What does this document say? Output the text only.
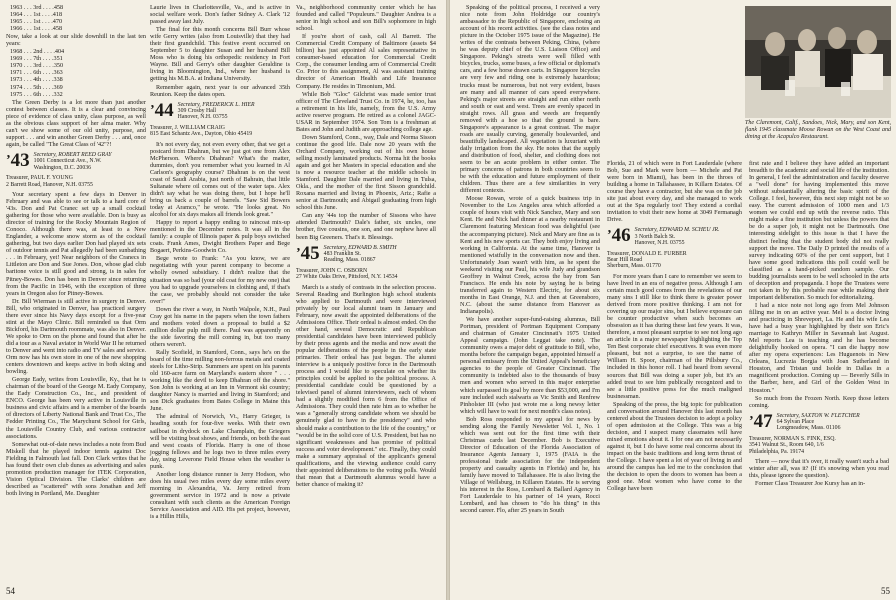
1963 . . . 3rd . . . .458
1964 . . . 1st . . . .418
1965 . . . 1st . . . .470
1966 . . . 1st . . . .458

Now, take a look at our slide downhill in the last ten years:

1968 . . . 2nd . . . .404
1969 . . . 7th . . . .351
1970 . . . 3rd . . . .350
1971 . . . 6th . . . .363
1973 . . . 4th . . . .338
1974 . . . 5th . . . .369
1975 . . . 6th . . . .332

The Green Derby is a lot more than just another contest between classes. It is a clear and convincing piece of evidence of class unity, class purpose, as well as the obvious class support of her alma mater. Why can't we show some of our old unity, purpose, and support . . . and win another Green Derby . . . and, once again, be called "The Great Class of '42"?!

’43 Secretary, ROBERT REED GRAY
1001 Connecticut Ave., N.W.
Washington, D.C. 20036
Treasurer, PAUL F. YOUNG
2 Barrett Road, Hanover, N.H. 03755

Your secretary spent a few days in Denver in February and was able to see or talk to a hard core of '43s. Don and Pat Cranec set up a small cocktail gathering for those who were available. Don is busy as director of training for the Rocky Mountain Region of Conoco. Although there was, at least to a New Englander, a welcome snow storm as of the cocktail gathering, but two days earlier Don had played six sets of outdoor tennis and Pat allegedly had been sunbathing . . . in February, yet! Near neighbors of the Cranecs in Littleton are Don and Sue Jones. Don, whose glad club baritone voice is still good and strong, is in sales for Pitney-Bowes. Don has been in Denver since returning from the Pacific in 1946, with the exception of three years in Oregon also for Pitney-Bowes.

Dr. Bill Wierman is still active in surgery in Denver. Bill, who originated in Denver, has practiced surgery there ever since his Navy days except for a five-year stint at the Mayo Clinic. Bill reminded us that Orm Bickford, his Dartmouth roommate, was also in Denver. We spoke to Orm on the phone and found that after he did a tour as a Naval aviator in World War II he returned to Denver and went into radio and TV sales and service. Orm now has his own store in one of the new shopping centers downtown and keeps active in both skiing and bowling.

George Eady, writes from Louisville, Ky., that he is chairman of the board of the George M. Eady Company, the Eady Construction Co., Inc., and president of ENCO. George has been very active in Louisville in business and civic affairs and is a member of the boards of directors of Liberty National Bank and Trust Co., The Fedder Printing Co., The Marychurst School for Girls, the Louisville Country Club, and various contractor associations.

Somewhat out-of-date news includes a note from Bud Miskell that he played indoor tennis against Doc Fielding in Falmouth last fall. Don Clark writes that he has found their own club dunes as advertising and sales promotion production manager for ITEK Corporation, Vision Optical Division. The Clarks' children are described as "scattered" with sons Jonathan and Jeff both living in Portland, Me. Daughter

Laurie lives in Charlottesville, Va., and is active in social welfare work. Don's father Sidney A. Clark '12 passed away last July.

The final for this month concerns Bill Burr whose wife Gerry writes (also from Louisville) that they had their first grandchild. This festive event occurred on September 5 to daughter Susan and her husband Bill Moss who is doing his orthopedic residency in Fort Wayne. Bill and Gerry's other daughter Geraldine is living in Bloomington, Ind., where her husband is getting his M.B.A. at Indiana University.

Remember again, next year is our advanced 35th Reunion. Keep the dates open.

’44 Secretary, FREDERICK L. HIER
309 Crosby Hall
Hanover, N.H. 03755
Treasurer, J. WILLIAM CRAIG
815 East Schantz Ave., Dayton, Ohio 45419

It's not every day, not even every other, that we get a postcard from Dhahran, but we just got one from Alex McPherson. Where's Dhahran? What's the matter, dummies, don't you remember what you learned in Al Carlson's geography course? Dhahran is on the west coast of Saudi Arabia, just north of Bahrain, that little Sultanate where oil comes out of the water taps. Alex didn't say what he was doing there, but I hope he'll bring us back a couple of barrels. "Saw Sid Bowers today at Aramco," he wrote. "He looks great. No alcohol for six days makes all friends look great."

Happy to report a happy ending to raincoat mix-up mentioned in the December notes. It was all in the family: a couple of Illinois paper & pulp boys switched coats. Frank Ames, Dwight Brothers Paper and Bege Bogaert, Perkins-Goodwin Co.

Bege wrote to Frank: "As you know, we are negotiating with your parent company to become a wholly owned subsidiary. I didn't realize that the situation was so bad (your old coat for my new one) that you had to upgrade yourselves in clothing and, if that's the case, we probably should not consider the take over!"

Down the river a way, in North Walpole, N.H., Paul Cray got his name in the papers when the town fathers and mothers voted down a proposal to build a $2 million dollar pulp mill there. Paul was apparently on the side favoring the mill coming in, but too many others weren't.

Rally Scofield, in Stamford, Conn., says he's on the board of the time milling non-ferrous metals and coated steels for Litho-Strip. Summers are spent on his parents old 160-acre farm on Maryland's eastern shore " . . . working like the devil to keep Dhahran off the shore." Son John is working at an Inn in Vermont ski country; daughter Nancy is married and living in Stamford; and son Dick graduates from Bates College in Maine this June.

The admiral of Norwich, Vt., Harry Grieger, is heading south for four-five weeks. With their own sailboat in drydock on Lake Champlain, the Griegers will be visiting boat shows, and friends, on both the east and west coasts of Florida. Harry is one of those jogging fellows and he logs two to three miles every day, using Leverone Field House when the weather is punk.

Another long distance runner is Jerry Hodson, who does his usual two miles every day some miles every morning in Alexandria, Va. Jerry retired from government service in 1972 and is now a private consultant with such clients as the American Foreign Service Association and AID. His pet project, however, is a Hillin Hills,

Va., neighborhood community center which he has founded and called "Populeum." Daughter Andrea is a senior in high school and son Bill's sophomore in high school.

If you're short of cash, call Al Barrett. The Commercial Credit Company of Baltimore (assets $4 billion) has just appointed Al sales representative in consumer-based education for Commercial Credit Corp., the consumer lending arm of Commercial Credit Co. Prior to this assignment, Al was assistant training director of American Health and Life Insurance Company. He resides in Timonium, Md.

While Bob "Gloc" Gilchrist was made senior trust officer of The Cleveland Trust Co. in 1974, he, too, has a retirement in his life, namely, from the U.S. Army active reserve program. He retired as a colonel JAGC-USAR in September 1974. Son Tom is a freshman at Bates and John and Judith are approaching college age.

Down Stamford, Conn., way, Dale and Norma Sisson continue the good life. Dale now 20 years with the Orchard Company, working out of his own house selling mostly laminated products. Norma hit the books again and got her Masters in special education and she is now a resource teacher at the middle schools in Stamford. Daughter Dale married and living in Tulsa, Okla., and the mother of the first Sisson grandchild. Roxana married and living in Phoenix, Ariz.; Rafie a senior at Dartmouth; and Abigail graduating from high school this June.

Can any '44s top the number of Sissons who have attended Dartmouth? Dale's father, six uncles, one brother, five cousins, one son, and one nephew have all been Big Greeners. That's it. Blessings.

’45 Secretary, EDWARD B. SMITH
483 Franklin St.
Reading, Mass. 01867
Treasurer, JOHN C. OSBORN
27 White Oaks Drive, Pittsford, N.Y. 14534

March is a study of contrasts in the selection process. Several Reading and Burlington high school students who applied to Dartmouth and were interviewed privately by our local alumni team in January and February, now await the appointed deliberations of the Admissions Office. Their ordeal is almost ended. On the other hand, several Democratic and Republican presidential candidates have been interviewed publicly by their press agents and the media and now await the popular deliberations of the people in the early state primaries. Their ordeal has just begun. The alumni interview is a uniquely positive force in the Dartmouth process and I would like to speculate on whether its principles could be applied to the political process. A presidential candidate could be questioned by a televised panel of alumni interviewers, each of whom had a slightly modified form 6 from the Office of Admissions. They could then rate him as to whether he was a "generally strong candidate whom we should be genuinely glad to have in the presidency" and who should make a contribution to the life of the country," or "would be in the solid core of U.S. President, but has no significant weaknesses and has promise of political success and voter development." etc. Finally, they could make a summary appraisal of the applicant's general qualifications, and the viewing audience could carry their appointed deliberations to the voting polls. Would that mean that a Dartmouth alumnus would have a better chance of making it?

54

Speaking of the political process, I received a very nice note from John Holdridge our country's ambassador to the Republic of Singapore, enclosing an account of his recent activities. (see the class notes and picture in the October 1975 issue of the Magazine). He writes of the contrasts between Peking, China, (where he was deputy chief of the U.S. Liaison Office) and Singapore. Peking's streets were well filled with bicycles, trucks, some buses, a few official or diplomat's cars, and a few horse drawn carts. In Singapore bicycles are very few and riding one is extremely hazardous; trucks must be numerous, but not very evident, buses are many and all manner of cars speed everywhere. Peking's major streets are straight and run either north and south or east and west. Trees are evenly spaced in straight rows. All grass and weeds are frequently removed with a hoe so that the ground is bare. Singapore's appearance is a great contrast. The major roads are usually curving, generally boulevarded, and beautifully landscaped. All vegetation is luxuriant with daily irrigation from the sky. He notes that the supply and distribution of food, shelter, and clothing does not seem to be an acute problem in either center. The primary concerns of patrons in both countries seem to be with the education and future employment of their children. Thus there are a few similarities in very different contexts.

Moose Rowan, wrote of a quick business trip in November to the Los Angeles area which afforded a couple of hours visit with Nick Sanchez, Mary and son Kent. He and Nick had dinner at a nearby restaurant in Claremont featuring Mexican food was delightful (see the accompanying picture). Nick and Mary are fine as is Kent and his new sports car. They both enjoy living and working in California. At the same time, Hanover is mentioned wistfully in the conversation now and then. Unfortunately Joan wasn't with him, as he spent the weekend visiting our Paul, his wife Judy and grandson Geoffrey in Walnut Creek, across the bay from San Francisco. He ends his note by saying he is being transferred again to Western Electric, for about six months in East Orange, N.J. and then at Greensboro, N.C. (about the same distance from Hanover as Indianapolis).

We have another super-fund-raising alumnus, Bill Portman, president of Portman Equipment Company and chairman of Greater Cincinnati's 1975 United Appeal campaign. (John Leggat take note). The community owes a major debt of gratitude to Bill, who, months before the campaign began, appointed himself a personal emissary from the United Appeal's beneficiary agencies to the people of Greater Cincinnati. The community is indebted also to the thousands of busy men and women who served in this major enterprise which surpassed its goal by more than $53,000, and I'm sure included such stalwarts as Vic Smith and Renfrew Pinholster III (who just wrote me a long newsy letter which will have to wait for next month's class notes).

Bob Ross responded to my appeal for news by sending along the Family Newsletter Vol. 1, No. 1 which was sent out for the first time with their Christmas cards last December. Bob is Executive Director of Education of the Florida Association of Insurance Agents January 1, 1975 (FAIA is the professional trade association for the independent property and casualty agents in Florida) and he, his family have moved to Tallahassee. He is also living the Village of Wellsburg, in Killaren Estates. He is serving his interest in the Ross, Lombard & Ballard Agency in Fort Lauderdale to his partner of 14 years, Rocci Lombard, and has chosen to "do his thing" in this second career. Flo, after 25 years in South

The Claremont, Calif., Sandoes, Nick, Mary, and son Kent, flank 1945 classmate Moose Rowan on the West Coast and dining at the Acapulco Restaurant.

Florida, 21 of which were in Fort Lauderdale (where Bob, Sue and Mark were born — Michele and Pat were born in Miami), has been in the throes of building a home in Tallahassee, in Killarn Estates. Of course they have a contractor, but she was on the job site just about every day, and she managed to work out at the Spa regularly too! They extend a cordial invitation to visit their new home at 3049 Fermanagh Drive.

’46 Secretary, EDWARD M. SCHEU JR.
3 North Balch St.
Hanover, N.H. 03755
Treasurer, DONALD E. FURBER
Bear Hill Road
Sherburn, Mass. 01770

For more years than I care to remember we seem to have lived in an era of negative press. Although I am certain much good comes from the revelations of our many sins I still like to think there is greater power derived from more positive thinking. I am not for covering up our major sins, but I believe exposure can be counter productive when such becomes an obsession as it has during these last few years. It was, therefore, a most pleasant surprise to see not long ago an article in a major newspaper highlighting the Top Ten Best corporate chief executives. It was even more pleasant, but not a surprise, to see the name of William H. Spoor, chairman of the Pillsbury Co., included in this honor roll. I had heard from several sources that Bill was doing a super job, but it's an added treat to see him publically recognized and to see a little positive press for the much maligned businessman.

Speaking of the press, the big topic for publication and conversation around Hanover this last month has centered about the Trustees decision to adopt a policy of open admission at the College. This was a big decision, and I suspect many classmates will have mixed emotions about it. I for one am not necessarily against it, but I do have some real concerns about its impact on the basic traditions and long term thrust of the College. I have spent a lot of year of living in and around the campus has led me to the conclusion that the decision to open the doors to women has been a good one. Most women who have come to the College have been

first rate and I believe they have added an important breadth to the academic and social life of the institution. In general, I feel the administration and faculty deserve a "well done" for having implemented this move without substantially altering the basic spirit of the College. I feel, however, this next step might not be so easy. The current admission of 1000 men and 1/3 women we could end up with the reverse ratio. This might make a fine institution but unless the powers that be do a super job, it might not be Dartmouth. One interesting sidelight to this issue is that I have the distinct feeling that the student body did not really support the move. The Daily D printed the results of a survey indicating 60% of the per cent support, but I have some good indications this poll could well be classified as a hand-picked random sample. Our budding journalists seem to be well schooled in the arts of deception and propaganda. I hope the Trustees were not taken in by this probable ruse while making their important deliberation. So much for editorializing.

I had a nice note not long ago from Mel Johnson filling me in on an active year. Mel is a doctor living and practicing in Shreveport, La. He and his wife Lea have had a busy year highlighted by their son Eric's marriage to Kathryn Miller in Savannah last August. Mel reports Lea is teaching and he has become delightfully hooked on opera. "I can die happy now after my opera experiences: Les Huguenots in New Orleans, Lucrezia Borgia with Joan Sutherland in Houston, and Tristan und Isolde in Dallas in a magnificent production. Coming up — Beverly Sills in the Barber, here, and Girl of the Golden West in Houston."

So much from the Frozen North. Keep those letters coming.

’47 Secretary, SAXTON W. FLETCHER
64 Sylvan Place
Longmeadow, Mass. 01106
Treasurer, NORMAN S. FINK, ESQ.
3541 Walnut St., Room 640, 1/6
Philadelphia, Pa. 19174

There — now that it's over, it really wasn't such a bad winter after all, was it? (If it's snowing when you read this, please ignore the question).

Former Class Treasurer Joe Kursy has an in-

55
